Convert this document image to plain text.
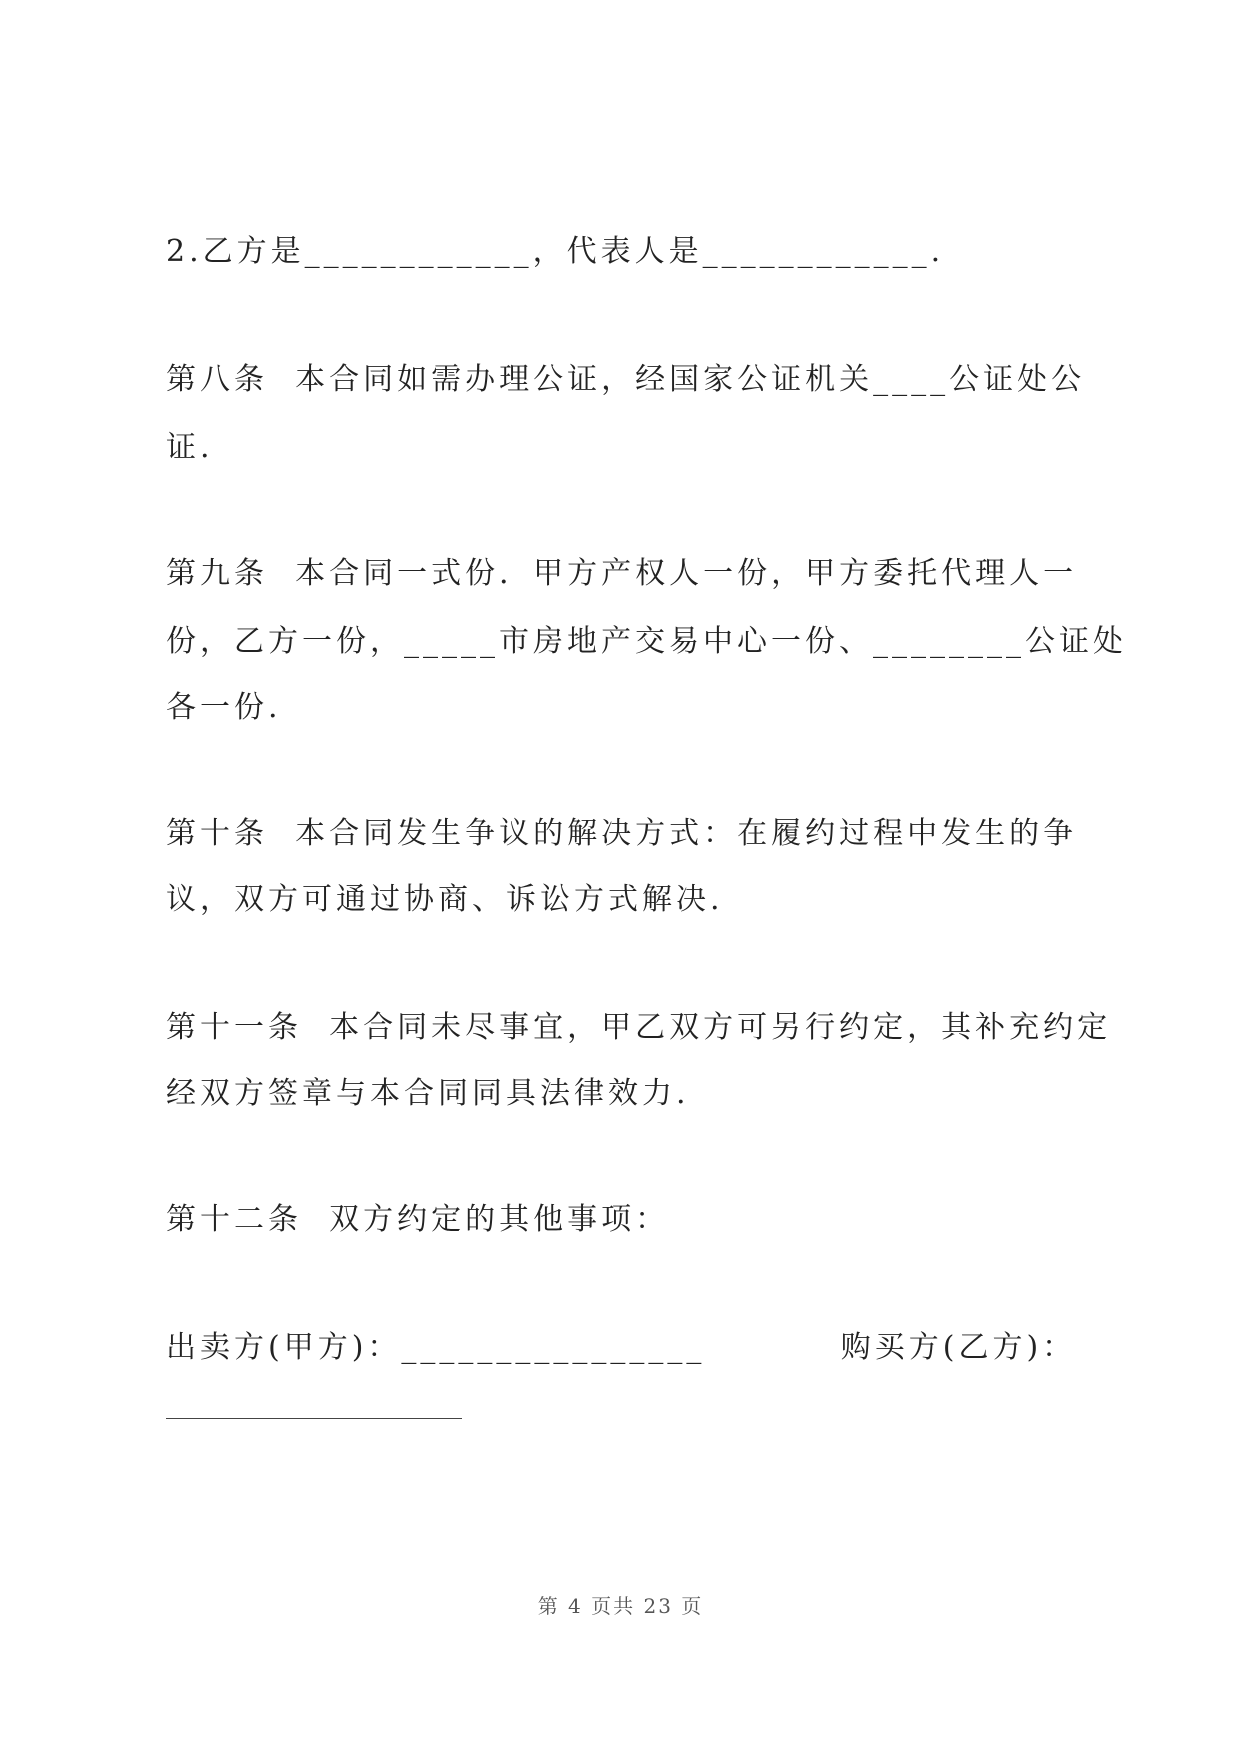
2.乙方是____________，代表人是____________.

第八条  本合同如需办理公证，经国家公证机关____公证处公

证.

第九条  本合同一式份．甲方产权人一份，甲方委托代理人一

份，乙方一份，_____市房地产交易中心一份、________公证处

各一份.

第十条  本合同发生争议的解决方式：在履约过程中发生的争

议，双方可通过协商、诉讼方式解决.

第十一条  本合同未尽事宜，甲乙双方可另行约定，其补充约定

经双方签章与本合同同具法律效力.

第十二条  双方约定的其他事项：

出卖方(甲方)：________________          购买方(乙方)：

第 4 页共 23 页
